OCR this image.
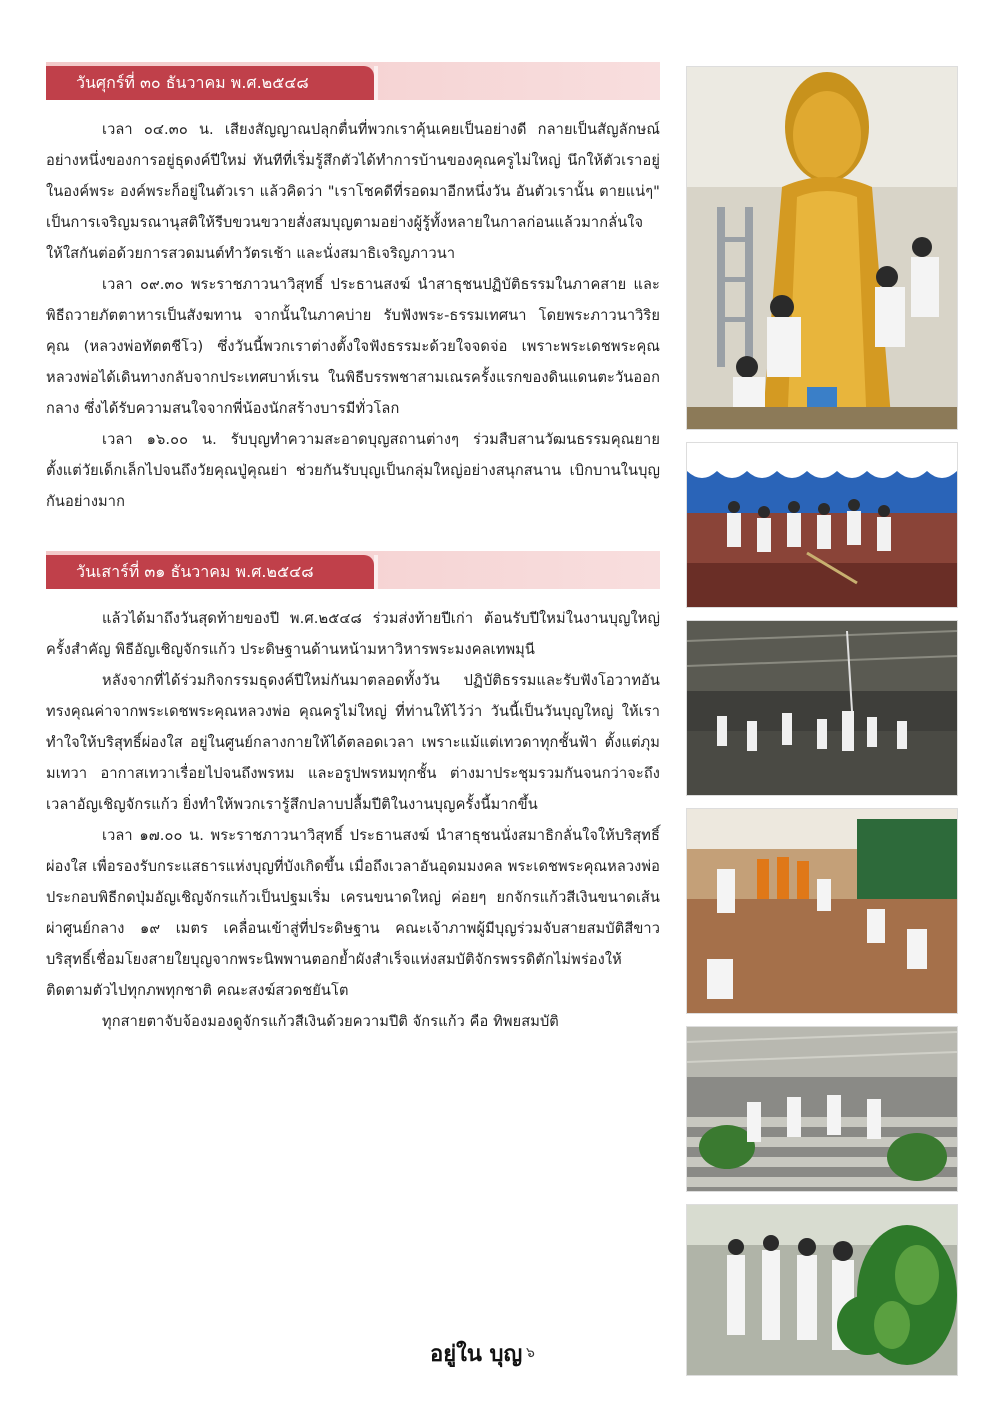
วันศุกร์ที่ ๓๐ ธันวาคม พ.ศ.๒๕๔๘

เวลา ๐๔.๓๐ น. เสียงสัญญาณปลุกตื่นที่พวกเราคุ้นเคยเป็นอย่างดี กลายเป็นสัญลักษณ์อย่างหนึ่งของการอยู่ธุดงค์ปีใหม่ ทันทีที่เริ่มรู้สึกตัวได้ทำการบ้านของคุณครูไม่ใหญ่ นึกให้ตัวเราอยู่ในองค์พระ องค์พระก็อยู่ในตัวเรา แล้วคิดว่า "เราโชคดีที่รอดมาอีกหนึ่งวัน อันตัวเรานั้น ตายแน่ๆ" เป็นการเจริญมรณานุสติให้รีบขวนขวายสั่งสมบุญตามอย่างผู้รู้ทั้งหลายในกาลก่อนแล้วมากลั่นใจให้ใสกันต่อด้วยการสวดมนต์ทำวัตรเช้า และนั่งสมาธิเจริญภาวนา

เวลา ๐๙.๓๐ พระราชภาวนาวิสุทธิ์ ประธานสงฆ์ นำสาธุชนปฏิบัติธรรมในภาคสาย และพิธีถวายภัตตาหารเป็นสังฆทาน จากนั้นในภาคบ่าย รับฟังพระ-ธรรมเทศนา โดยพระภาวนาวิริยคุณ (หลวงพ่อทัตตชีโว) ซึ่งวันนี้พวกเราต่างตั้งใจฟังธรรมะด้วยใจจดจ่อ เพราะพระเดชพระคุณหลวงพ่อได้เดินทางกลับจากประเทศบาห์เรน ในพิธีบรรพชาสามเณรครั้งแรกของดินแดนตะวันออกกลาง ซึ่งได้รับความสนใจจากพี่น้องนักสร้างบารมีทั่วโลก

เวลา ๑๖.๐๐ น. รับบุญทำความสะอาดบุญสถานต่างๆ ร่วมสืบสานวัฒนธรรมคุณยาย ตั้งแต่วัยเด็กเล็กไปจนถึงวัยคุณปู่คุณย่า ช่วยกันรับบุญเป็นกลุ่มใหญ่อย่างสนุกสนาน เบิกบานในบุญกันอย่างมาก

วันเสาร์ที่ ๓๑ ธันวาคม พ.ศ.๒๕๔๘

แล้วได้มาถึงวันสุดท้ายของปี พ.ศ.๒๕๔๘ ร่วมส่งท้ายปีเก่า ต้อนรับปีใหม่ในงานบุญใหญ่ครั้งสำคัญ พิธีอัญเชิญจักรแก้ว ประดิษฐานด้านหน้ามหาวิหารพระมงคลเทพมุนี

หลังจากที่ได้ร่วมกิจกรรมธุดงค์ปีใหม่กันมาตลอดทั้งวัน ปฏิบัติธรรมและรับฟังโอวาทอันทรงคุณค่าจากพระเดชพระคุณหลวงพ่อ คุณครูไม่ใหญ่ ที่ท่านให้ไว้ว่า วันนี้เป็นวันบุญใหญ่ ให้เราทำใจให้บริสุทธิ์ผ่องใส อยู่ในศูนย์กลางกายให้ได้ตลอดเวลา เพราะแม้แต่เทวดาทุกชั้นฟ้า ตั้งแต่ภุมมเทวา อากาสเทวาเรื่อยไปจนถึงพรหม และอรูปพรหมทุกชั้น ต่างมาประชุมรวมกันจนกว่าจะถึงเวลาอัญเชิญจักรแก้ว ยิ่งทำให้พวกเรารู้สึกปลาบปลื้มปีติในงานบุญครั้งนี้มากขึ้น

เวลา ๑๗.๐๐ น. พระราชภาวนาวิสุทธิ์ ประธานสงฆ์ นำสาธุชนนั่งสมาธิกลั่นใจให้บริสุทธิ์ผ่องใส เพื่อรองรับกระแสธารแห่งบุญที่บังเกิดขึ้น เมื่อถึงเวลาอันอุดมมงคล พระเดชพระคุณหลวงพ่อประกอบพิธีกดปุ่มอัญเชิญจักรแก้วเป็นปฐมเริ่ม เครนขนาดใหญ่ ค่อยๆ ยกจักรแก้วสีเงินขนาดเส้นผ่าศูนย์กลาง ๑๙ เมตร เคลื่อนเข้าสู่ที่ประดิษฐาน คณะเจ้าภาพผู้มีบุญร่วมจับสายสมบัติสีขาวบริสุทธิ์เชื่อมโยงสายใยบุญจากพระนิพพานตอกย้ำผังสำเร็จแห่งสมบัติจักรพรรดิตักไม่พร่องให้ติดตามตัวไปทุกภพทุกชาติ คณะสงฆ์สวดชยันโต

ทุกสายตาจับจ้องมองดูจักรแก้วสีเงินด้วยความปีติ จักรแก้ว คือ ทิพยสมบัติ

อยู่ใน บุญ ๖
